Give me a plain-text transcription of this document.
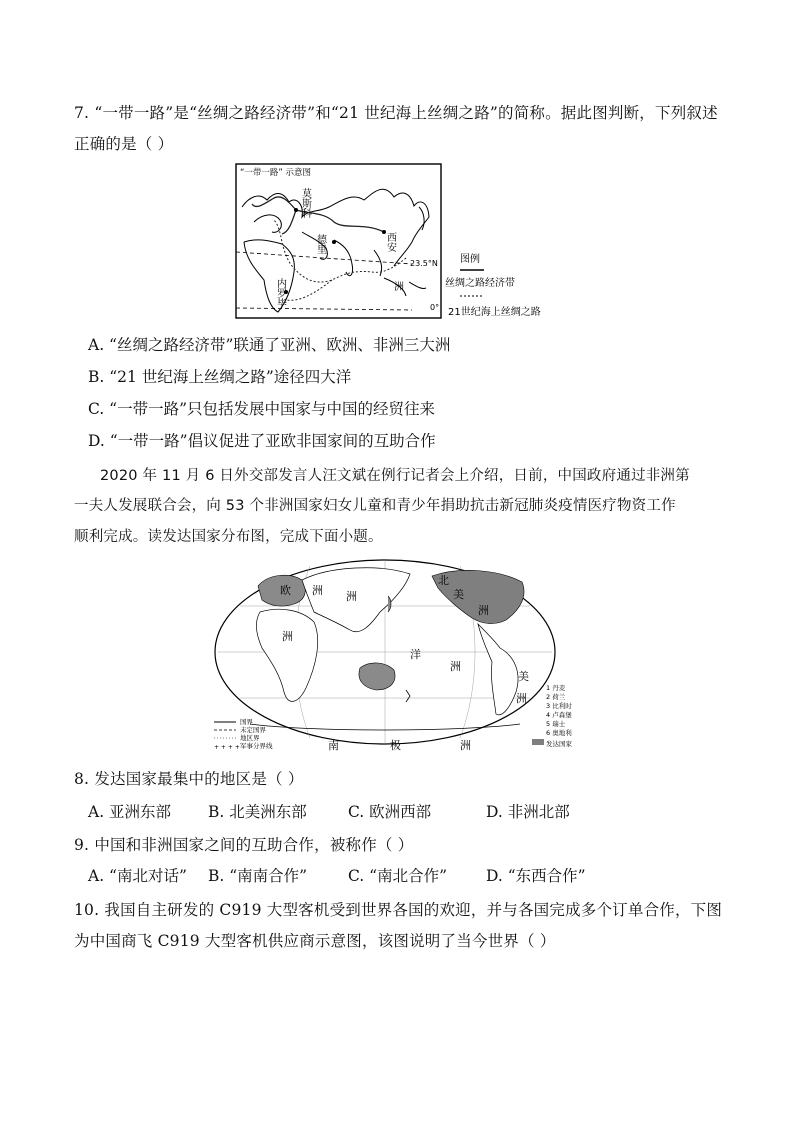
7. “一带一路”是“丝绸之路经济带”和“21 世纪海上丝绸之路”的简称。据此图判断，下列叙述
正确的是（ ）
“一带一路” 示意图
莫斯科
德里	西安
内罗毕	洲
23.5°N
0°
图例
丝绸之路经济带
21世纪海上丝绸之路
A. “丝绸之路经济带”联通了亚洲、欧洲、非洲三大洲
B. “21 世纪海上丝绸之路”途径四大洋
C. “一带一路”只包括发展中国家与中国的经贸往来
D. “一带一路”倡议促进了亚欧非国家间的互助合作
2020 年 11 月 6 日外交部发言人汪文斌在例行记者会上介绍，日前，中国政府通过非洲第
一夫人发展联合会，向 53 个非洲国家妇女儿童和青少年捐助抗击新冠肺炎疫情医疗物资工作
顺利完成。读发达国家分布图，完成下面小题。
北
美
洲
欧 洲 洲
洲
洋
洲
美
洲
南	极	洲
+ + + +
国界
未定国界
地区界
军事分界线
1 丹麦
2 荷兰
3 比利时
4 卢森堡
5 瑞士
6 奥地利
发达国家
8. 发达国家最集中的地区是（ ）
A. 亚洲东部 B. 北美洲东部	C. 欧洲西部	D. 非洲北部
9. 中国和非洲国家之间的互助合作，被称作（ ）
A. “南北对话” B. “南南合作”	C. “南北合作”	D. “东西合作”
10. 我国自主研发的 C919 大型客机受到世界各国的欢迎，并与各国完成多个订单合作，下图
为中国商飞 C919 大型客机供应商示意图，该图说明了当今世界（ ）
